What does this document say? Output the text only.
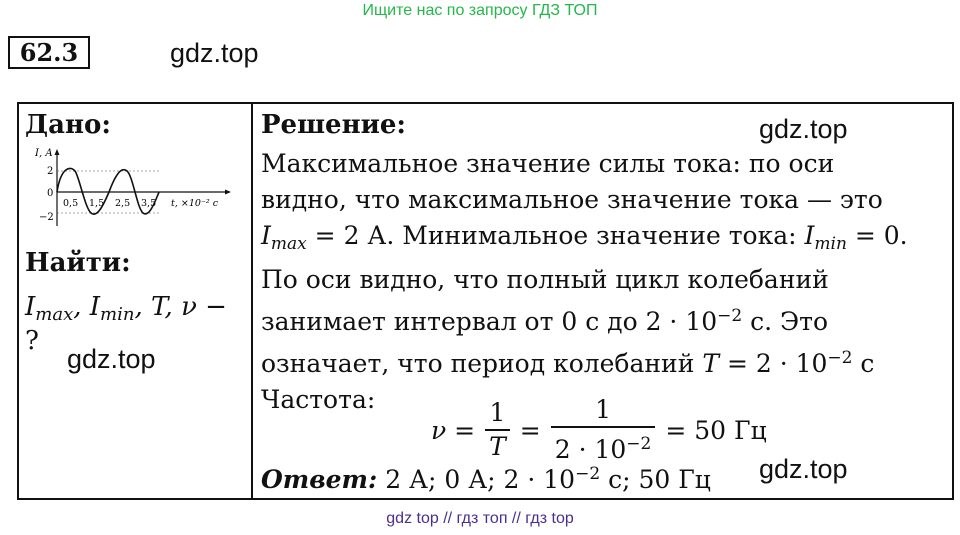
Ищите нас по запросу ГДЗ ТОП
62.3	gdz.top
Дано:
I, А
2
0
−2
0,5 1,5 2,5 3,5 t, ×10⁻² с
Найти:
$I_{max}$, $I_{min}$, T, ν −
?
gdz.top

Решение:	gdz.top

Максимальное значение силы тока: по оси

видно, что максимальное значение тока — это

$I_{max} = 2$ А. Минимальное значение тока: $I_{min} = 0$.

По оси видно, что полный цикл колебаний

занимает интервал от 0 с до $2 \cdot 10^{-2}$ с. Это

означает, что период колебаний $T = 2 \cdot 10^{-2}$ с

Частота:

$\nu = \frac{1}{T} = \frac{1}{2 \cdot 10^{-2}} = 50$ Гц
gdz.top
Ответ: 2 А; 0 А; $2 \cdot 10^{-2}$ с; 50 Гц
gdz top // гдз топ // гдз top
